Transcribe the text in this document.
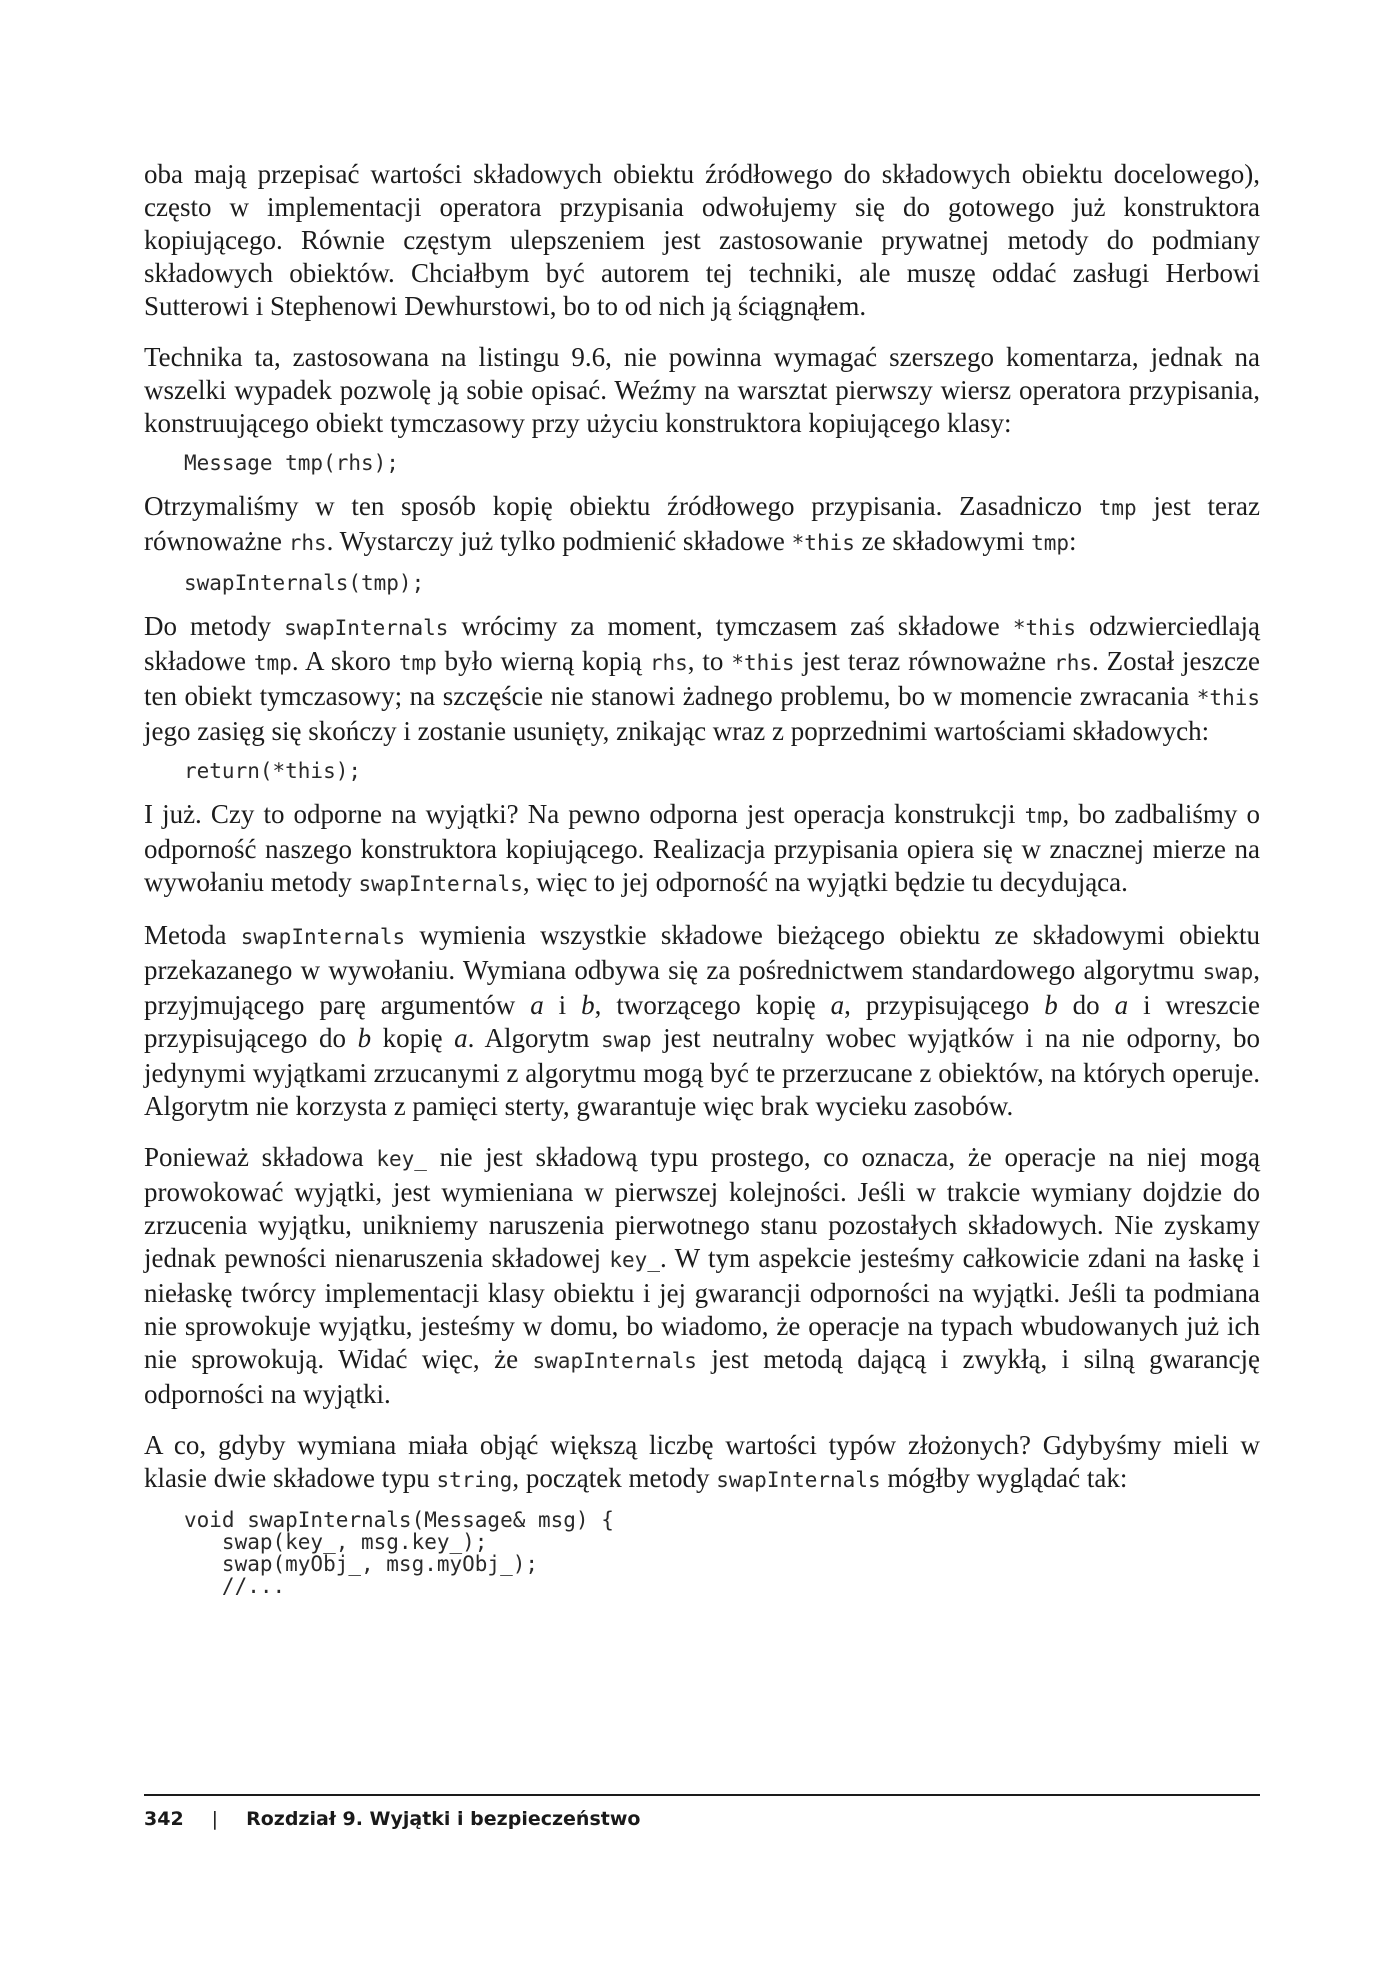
oba mają przepisać wartości składowych obiektu źródłowego do składowych obiektu docelowego), często w implementacji operatora przypisania odwołujemy się do gotowego już konstruktora kopiującego. Równie częstym ulepszeniem jest zastosowanie prywatnej metody do podmiany składowych obiektów. Chciałbym być autorem tej techniki, ale muszę oddać zasługi Herbowi Sutterowi i Stephenowi Dewhurstowi, bo to od nich ją ściągnąłem.

Technika ta, zastosowana na listingu 9.6, nie powinna wymagać szerszego komentarza, jednak na wszelki wypadek pozwolę ją sobie opisać. Weźmy na warsztat pierwszy wiersz operatora przypisania, konstruującego obiekt tymczasowy przy użyciu konstruktora kopiującego klasy:

Message tmp(rhs);

Otrzymaliśmy w ten sposób kopię obiektu źródłowego przypisania. Zasadniczo tmp jest teraz równoważne rhs. Wystarczy już tylko podmienić składowe *this ze składowymi tmp:

swapInternals(tmp);

Do metody swapInternals wrócimy za moment, tymczasem zaś składowe *this odzwierciedlają składowe tmp. A skoro tmp było wierną kopią rhs, to *this jest teraz równoważne rhs. Został jeszcze ten obiekt tymczasowy; na szczęście nie stanowi żadnego problemu, bo w momencie zwracania *this jego zasięg się skończy i zostanie usunięty, znikając wraz z poprzednimi wartościami składowych:

return(*this);

I już. Czy to odporne na wyjątki? Na pewno odporna jest operacja konstrukcji tmp, bo zadbaliśmy o odporność naszego konstruktora kopiującego. Realizacja przypisania opiera się w znacznej mierze na wywołaniu metody swapInternals, więc to jej odporność na wyjątki będzie tu decydująca.

Metoda swapInternals wymienia wszystkie składowe bieżącego obiektu ze składowymi obiektu przekazanego w wywołaniu. Wymiana odbywa się za pośrednictwem standardowego algorytmu swap, przyjmującego parę argumentów a i b, tworzącego kopię a, przypisującego b do a i wreszcie przypisującego do b kopię a. Algorytm swap jest neutralny wobec wyjątków i na nie odporny, bo jedynymi wyjątkami zrzucanymi z algorytmu mogą być te przerzucane z obiektów, na których operuje. Algorytm nie korzysta z pamięci sterty, gwarantuje więc brak wycieku zasobów.

Ponieważ składowa key_ nie jest składową typu prostego, co oznacza, że operacje na niej mogą prowokować wyjątki, jest wymieniana w pierwszej kolejności. Jeśli w trakcie wymiany dojdzie do zrzucenia wyjątku, unikniemy naruszenia pierwotnego stanu pozostałych składowych. Nie zyskamy jednak pewności nienaruszenia składowej key_. W tym aspekcie jesteśmy całkowicie zdani na łaskę i niełaskę twórcy implementacji klasy obiektu i jej gwarancji odporności na wyjątki. Jeśli ta podmiana nie sprowokuje wyjątku, jesteśmy w domu, bo wiadomo, że operacje na typach wbudowanych już ich nie sprowokują. Widać więc, że swapInternals jest metodą dającą i zwykłą, i silną gwarancję odporności na wyjątki.

A co, gdyby wymiana miała objąć większą liczbę wartości typów złożonych? Gdybyśmy mieli w klasie dwie składowe typu string, początek metody swapInternals mógłby wyglądać tak:

void swapInternals(Message& msg) {
swap(key_, msg.key_);
swap(myObj_, msg.myObj_);
//...
342 | Rozdział 9. Wyjątki i bezpieczeństwo
